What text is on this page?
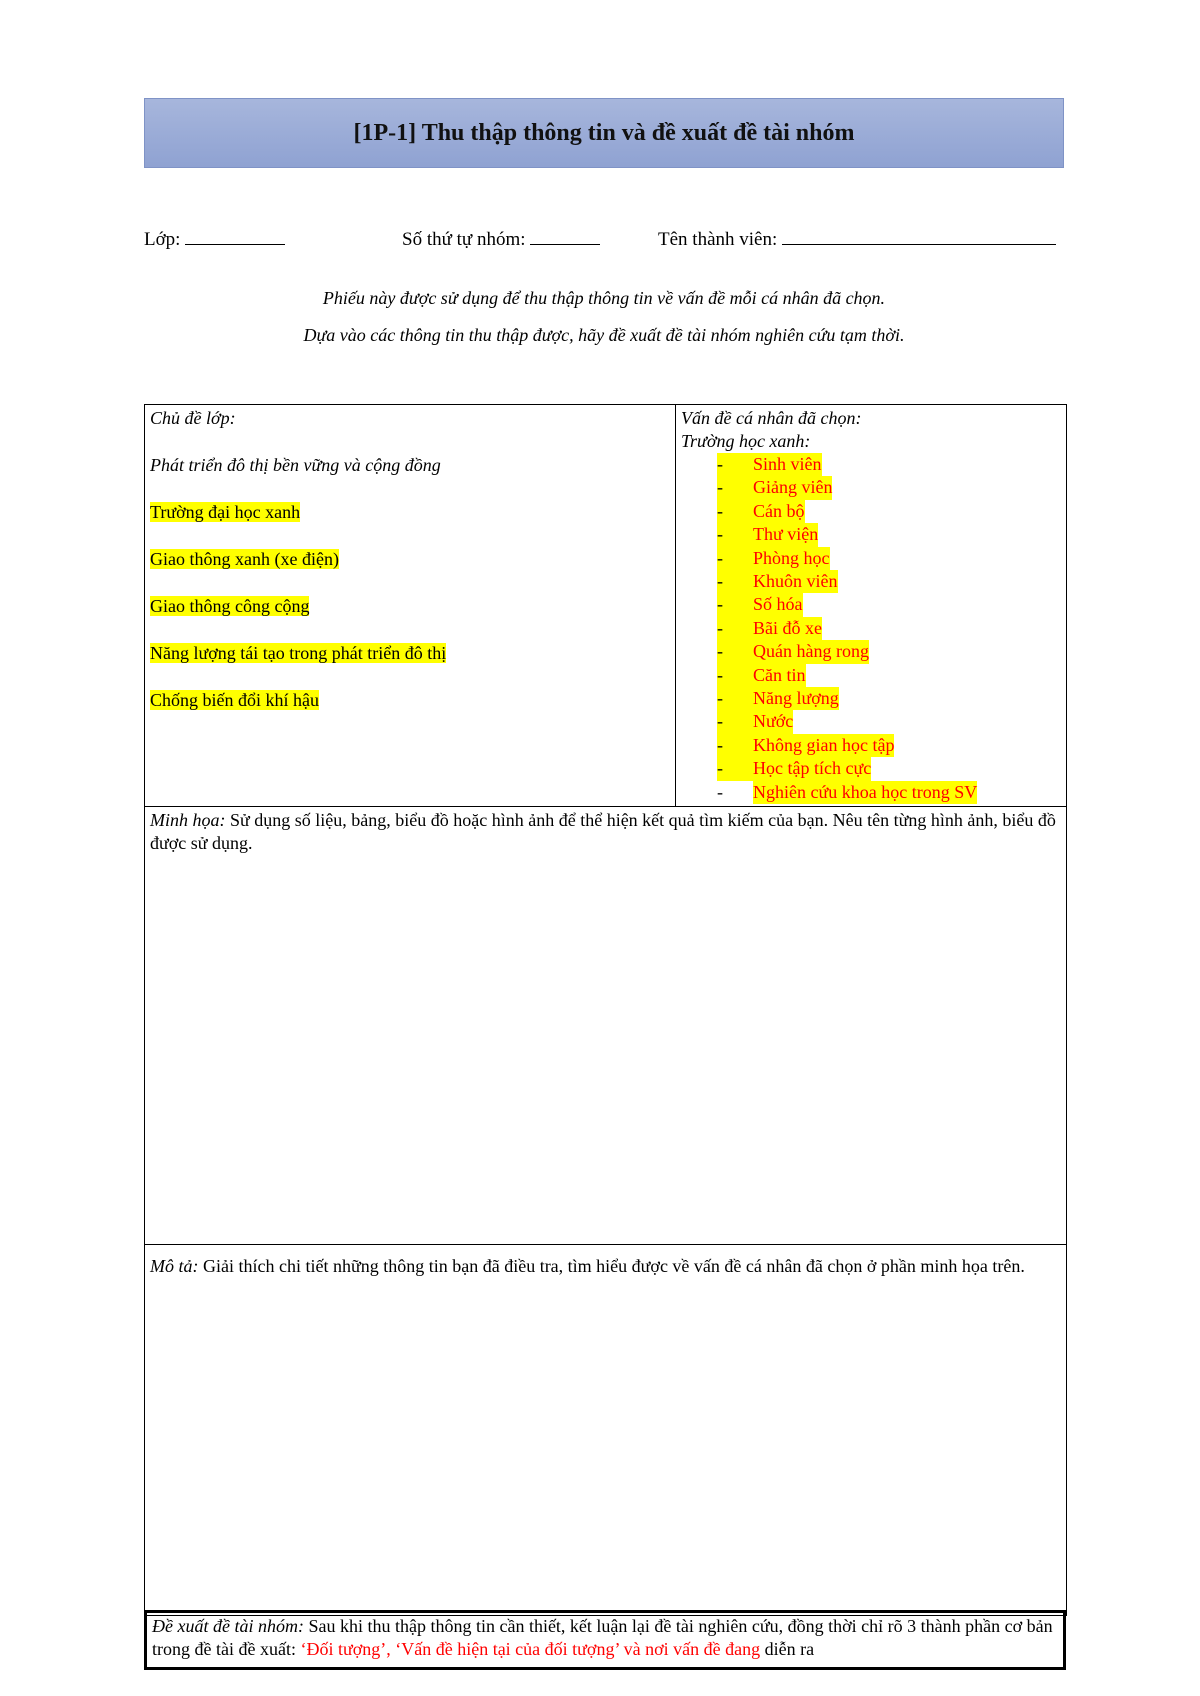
[1P-1] Thu thập thông tin và đề xuất đề tài nhóm
Lớp:	Số thứ tự nhóm:	Tên thành viên:
Phiếu này được sử dụng để thu thập thông tin về vấn đề mỗi cá nhân đã chọn.
Dựa vào các thông tin thu thập được, hãy đề xuất đề tài nhóm nghiên cứu tạm thời.
Chủ đề lớp:
Phát triển đô thị bền vững và cộng đồng
Trường đại học xanh
Giao thông xanh (xe điện)
Giao thông công cộng
Năng lượng tái tạo trong phát triển đô thị
Chống biến đổi khí hậu

Vấn đề cá nhân đã chọn:
Trường học xanh:
-	Sinh viên
-	Giảng viên
-	Cán bộ
-	Thư viện
-	Phòng học
-	Khuôn viên
-	Số hóa
-	Bãi đỗ xe
-	Quán hàng rong
-	Căn tin
-	Năng lượng
-	Nước
-	Không gian học tập
-	Học tập tích cực
-	Nghiên cứu khoa học trong SV

Minh họa: Sử dụng số liệu, bảng, biểu đồ hoặc hình ảnh để thể hiện kết quả tìm kiếm của bạn. Nêu tên từng hình ảnh, biểu đồ được sử dụng.
Mô tả: Giải thích chi tiết những thông tin bạn đã điều tra, tìm hiểu được về vấn đề cá nhân đã chọn ở phần minh họa trên.
Đề xuất đề tài nhóm: Sau khi thu thập thông tin cần thiết, kết luận lại đề tài nghiên cứu, đồng thời chỉ rõ 3 thành phần cơ bản trong đề tài đề xuất: ‘Đối tượng’, ‘Vấn đề hiện tại của đối tượng’ và nơi vấn đề đang diễn ra
